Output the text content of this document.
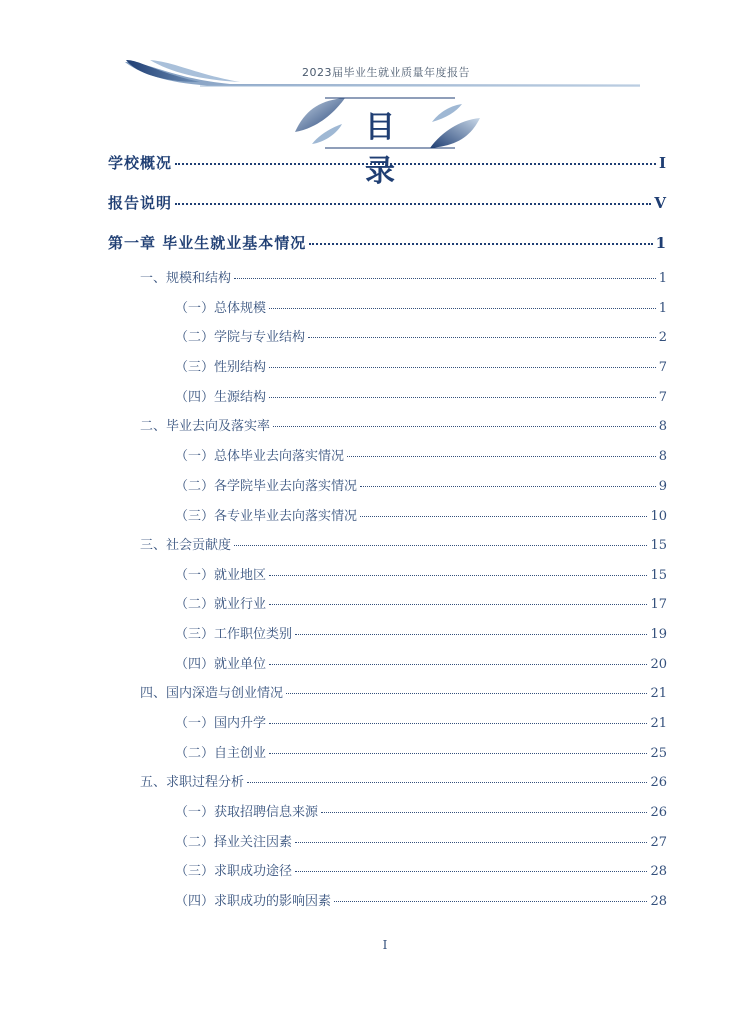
2023届毕业生就业质量年度报告
目 录
学校概况	I
报告说明	V
第一章 毕业生就业基本情况	1
一、规模和结构	1
（一）总体规模	1
（二）学院与专业结构	2
（三）性别结构	7
（四）生源结构	7
二、毕业去向及落实率	8
（一）总体毕业去向落实情况	8
（二）各学院毕业去向落实情况	9
（三）各专业毕业去向落实情况	10
三、社会贡献度	15
（一）就业地区	15
（二）就业行业	17
（三）工作职位类别	19
（四）就业单位	20
四、国内深造与创业情况	21
（一）国内升学	21
（二）自主创业	25
五、求职过程分析	26
（一）获取招聘信息来源	26
（二）择业关注因素	27
（三）求职成功途径	28
（四）求职成功的影响因素	28
I
